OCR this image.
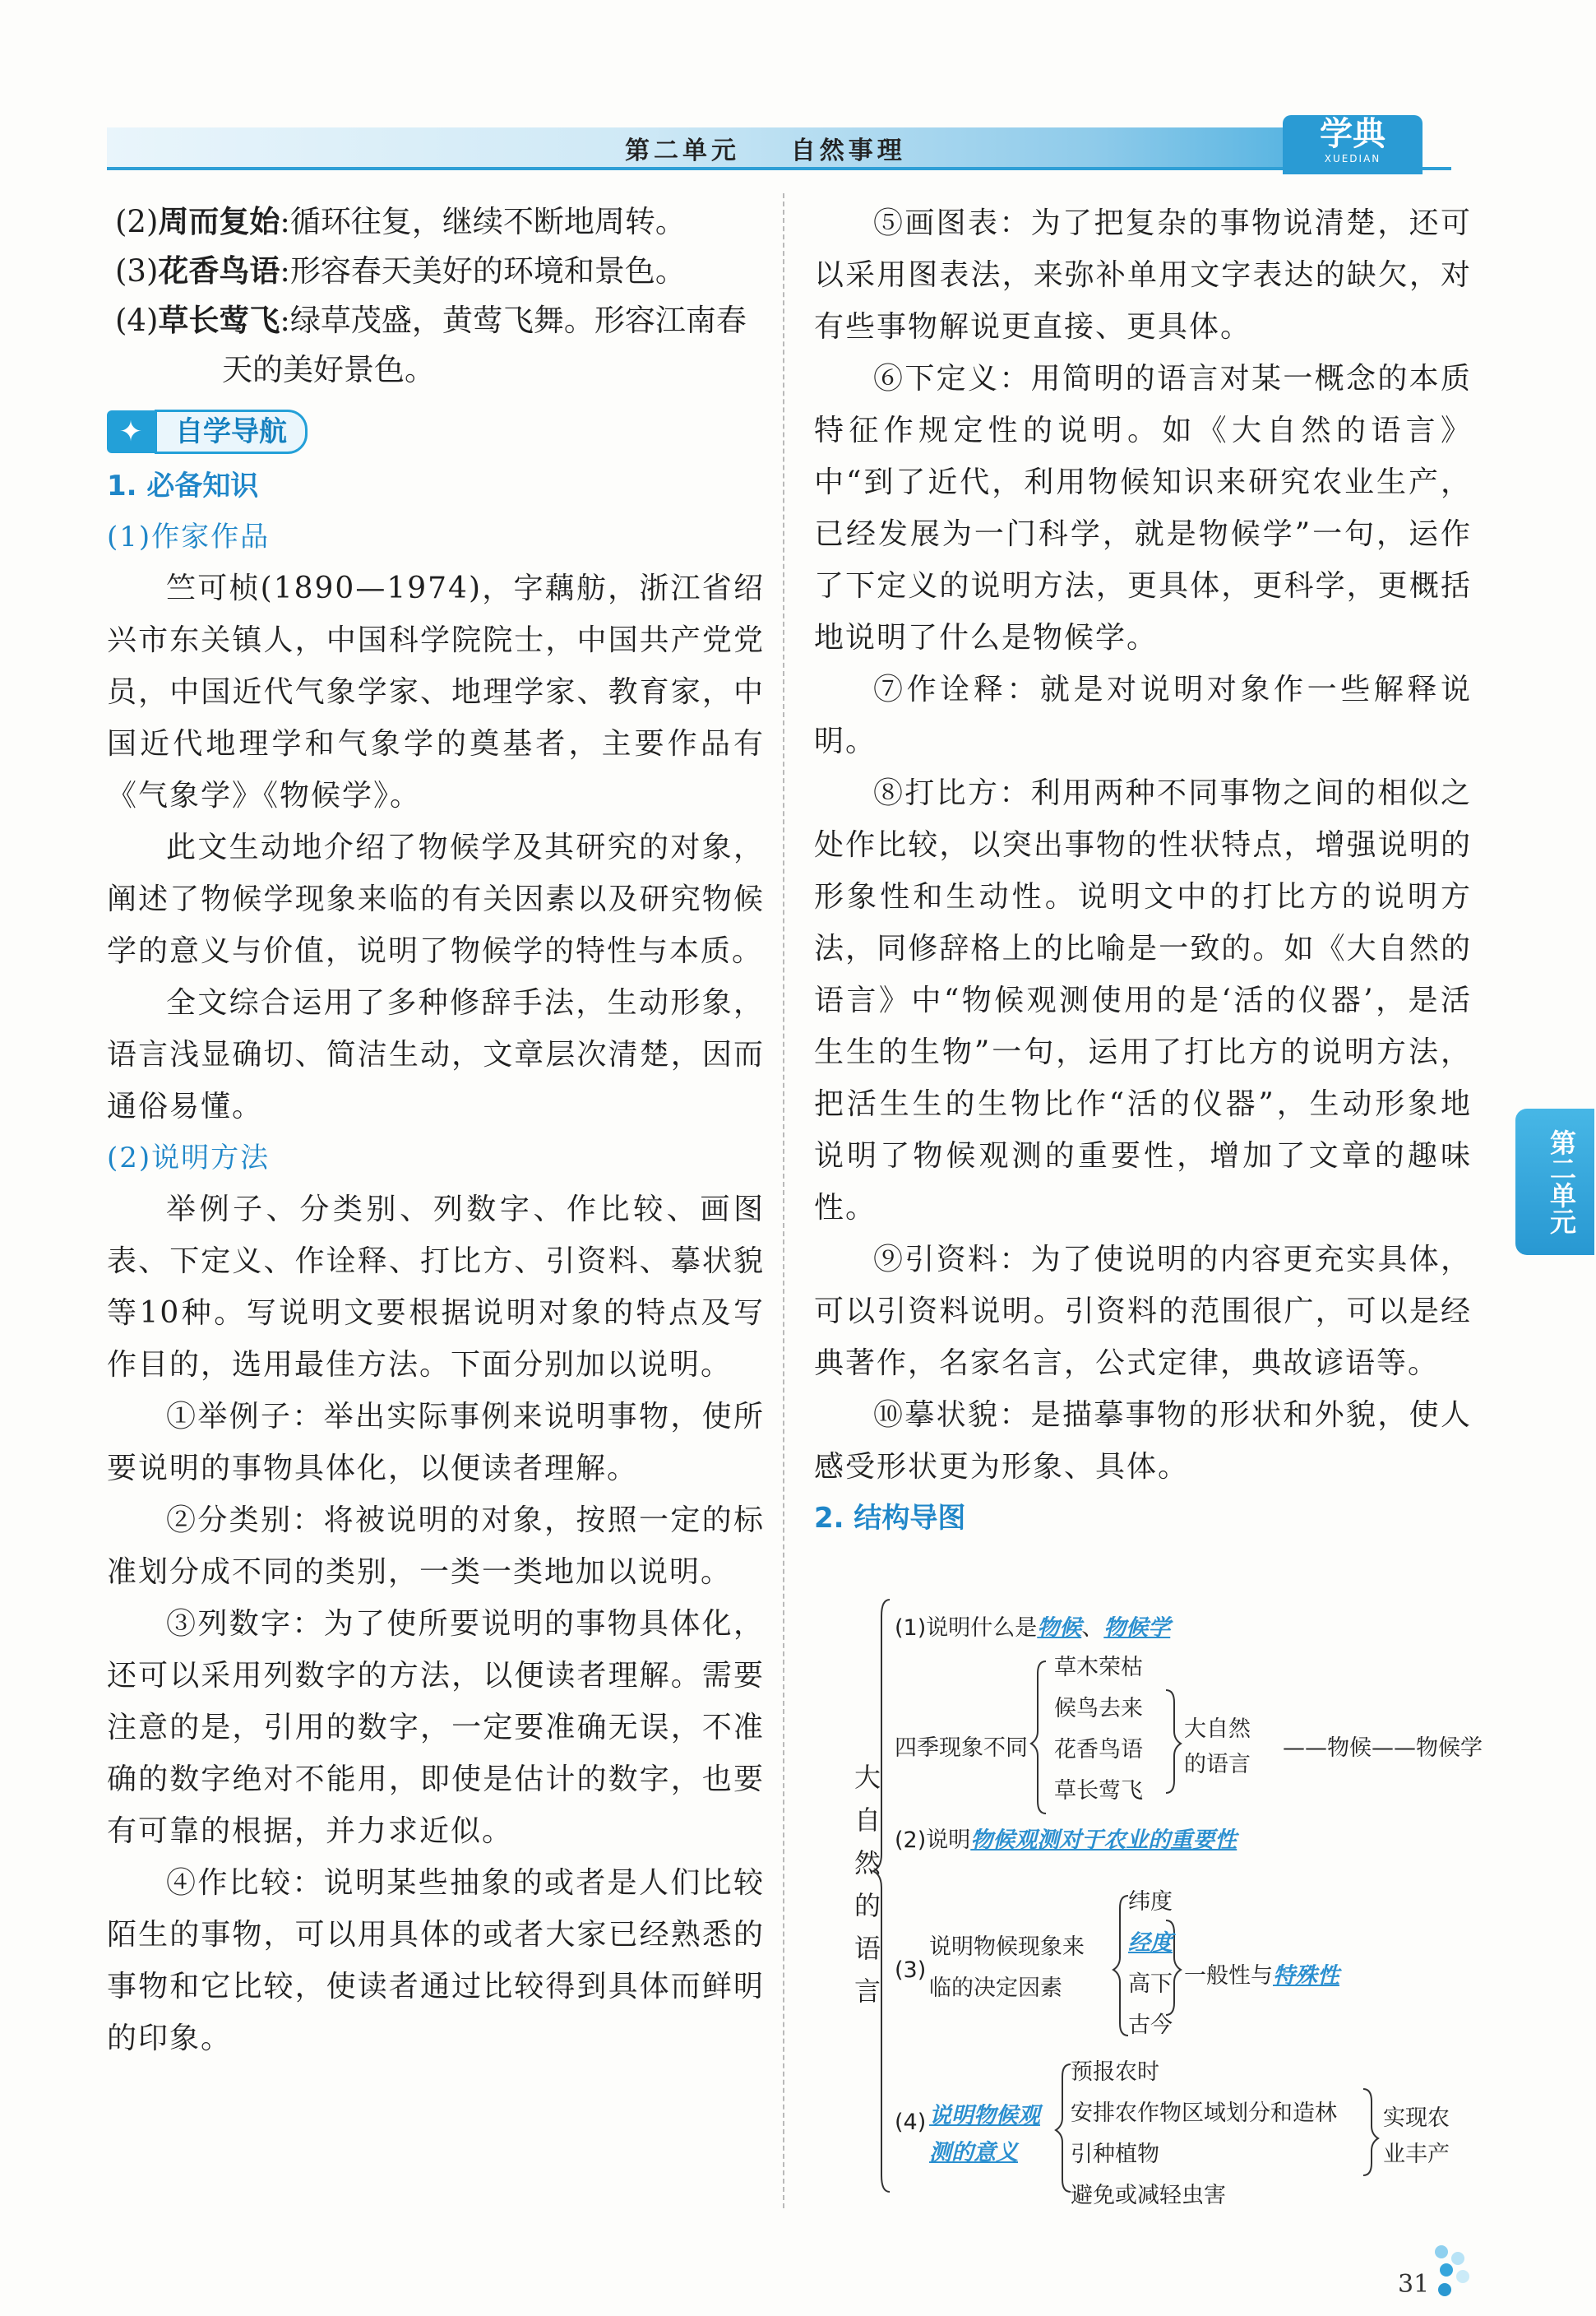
第二单元 自然事理	学典
XUEDIAN

(2)周而复始:循环往复，继续不断地周转。

(3)花香鸟语:形容春天美好的环境和景色。

(4)草长莺飞:绿草茂盛，黄莺飞舞。形容江南春天的美好景色。

✦	自学导航

1. 必备知识

(1)作家作品

竺可桢(1890—1974)，字藕舫，浙江省绍兴市东关镇人，中国科学院院士，中国共产党党员，中国近代气象学家、地理学家、教育家，中国近代地理学和气象学的奠基者，主要作品有《气象学》《物候学》。

此文生动地介绍了物候学及其研究的对象，阐述了物候学现象来临的有关因素以及研究物候学的意义与价值，说明了物候学的特性与本质。

全文综合运用了多种修辞手法，生动形象，语言浅显确切、简洁生动，文章层次清楚，因而通俗易懂。

(2)说明方法

举例子、分类别、列数字、作比较、画图表、下定义、作诠释、打比方、引资料、摹状貌等10种。写说明文要根据说明对象的特点及写作目的，选用最佳方法。下面分别加以说明。

①举例子：举出实际事例来说明事物，使所要说明的事物具体化，以便读者理解。

②分类别：将被说明的对象，按照一定的标准划分成不同的类别，一类一类地加以说明。

③列数字：为了使所要说明的事物具体化，还可以采用列数字的方法，以便读者理解。需要注意的是，引用的数字，一定要准确无误，不准确的数字绝对不能用，即使是估计的数字，也要有可靠的根据，并力求近似。

④作比较：说明某些抽象的或者是人们比较陌生的事物，可以用具体的或者大家已经熟悉的事物和它比较，使读者通过比较得到具体而鲜明的印象。

⑤画图表：为了把复杂的事物说清楚，还可以采用图表法，来弥补单用文字表达的缺欠，对有些事物解说更直接、更具体。

⑥下定义：用简明的语言对某一概念的本质特征作规定性的说明。如《大自然的语言》中“到了近代，利用物候知识来研究农业生产，已经发展为一门科学，就是物候学”一句，运作了下定义的说明方法，更具体，更科学，更概括地说明了什么是物候学。

⑦作诠释：就是对说明对象作一些解释说明。

⑧打比方：利用两种不同事物之间的相似之处作比较，以突出事物的性状特点，增强说明的形象性和生动性。说明文中的打比方的说明方法，同修辞格上的比喻是一致的。如《大自然的语言》中“物候观测使用的是‘活的仪器’，是活生生的生物”一句，运用了打比方的说明方法，把活生生的生物比作“活的仪器”，生动形象地说明了物候观测的重要性，增加了文章的趣味性。

⑨引资料：为了使说明的内容更充实具体，可以引资料说明。引资料的范围很广，可以是经典著作，名家名言，公式定律，典故谚语等。

⑩摹状貌：是描摹事物的形状和外貌，使人感受形状更为形象、具体。

2. 结构导图

大自然的语言
(1)说明什么是物候、物候学
四季现象不同
草木荣枯
候鸟去来
花香鸟语
草长莺飞
大自然
的语言
——物候——物候学
(2)说明物候观测对于农业的重要性
(3)
说明物候现象来
临的决定因素
纬度
经度
高下
古今
一般性与特殊性
(4) 说明物候观
测的意义
预报农时
安排农作物区域划分和造林
引种植物
避免或减轻虫害
实现农
业丰产
第二单元
31
